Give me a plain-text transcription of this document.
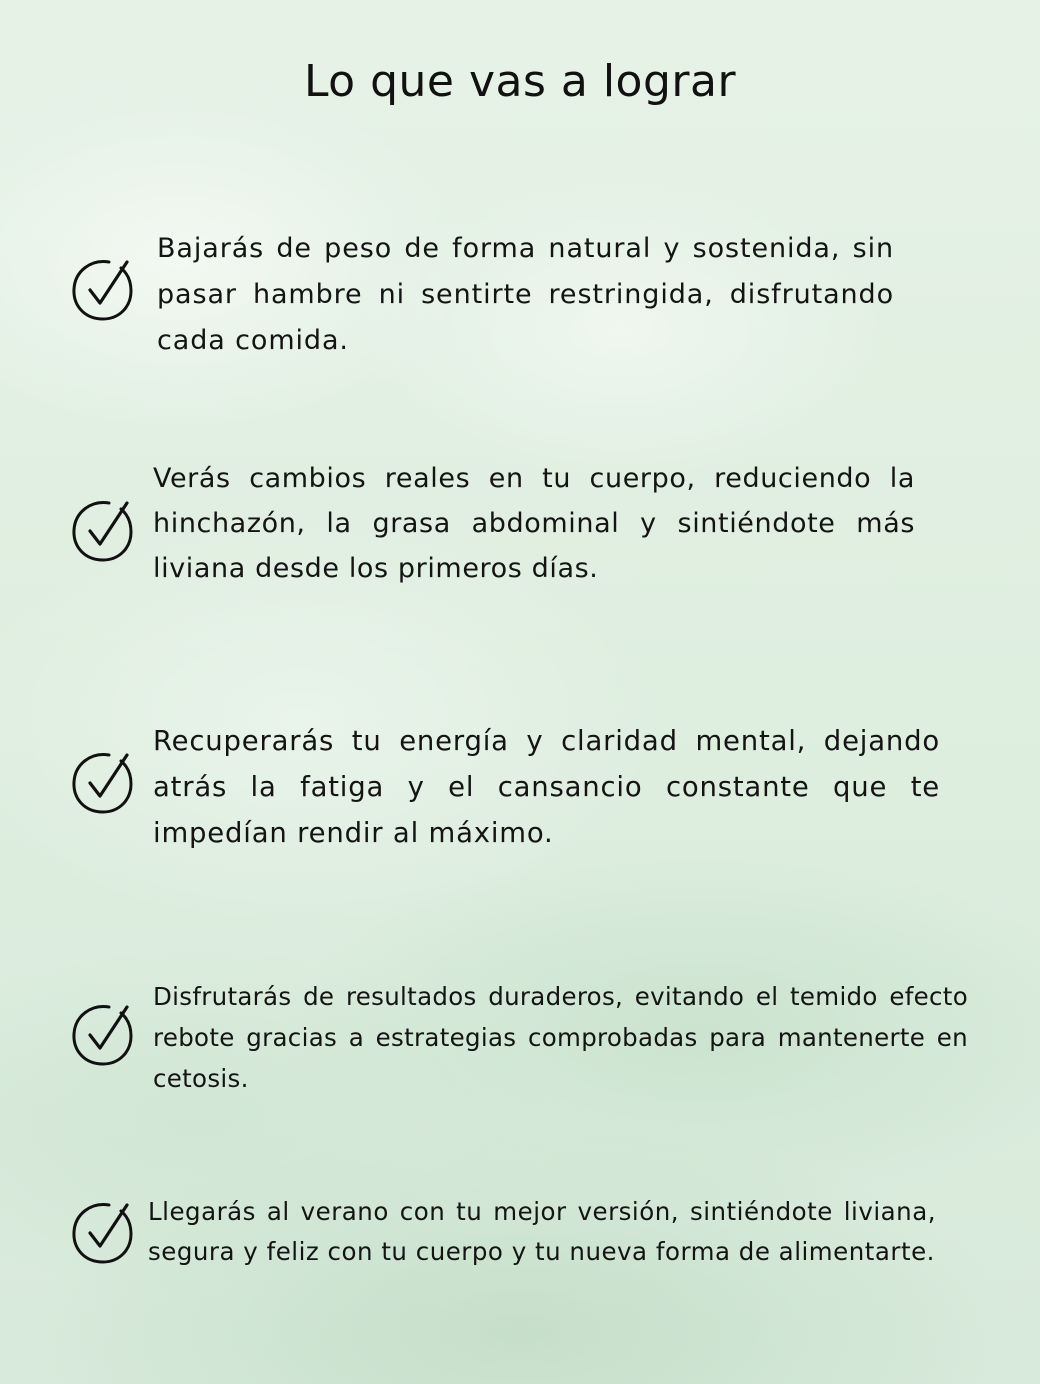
Lo que vas a lograr

Bajarás de peso de forma natural y sostenida, sin pasar hambre ni sentirte restringida, disfrutando cada comida.

Verás cambios reales en tu cuerpo, reduciendo la hinchazón, la grasa abdominal y sintiéndote más liviana desde los primeros días.

Recuperarás tu energía y claridad mental, dejando atrás la fatiga y el cansancio constante que te impedían rendir al máximo.

Disfrutarás de resultados duraderos, evitando el temido efecto rebote gracias a estrategias comprobadas para mantenerte en cetosis.

Llegarás al verano con tu mejor versión, sintiéndote liviana, segura y feliz con tu cuerpo y tu nueva forma de alimentarte.
